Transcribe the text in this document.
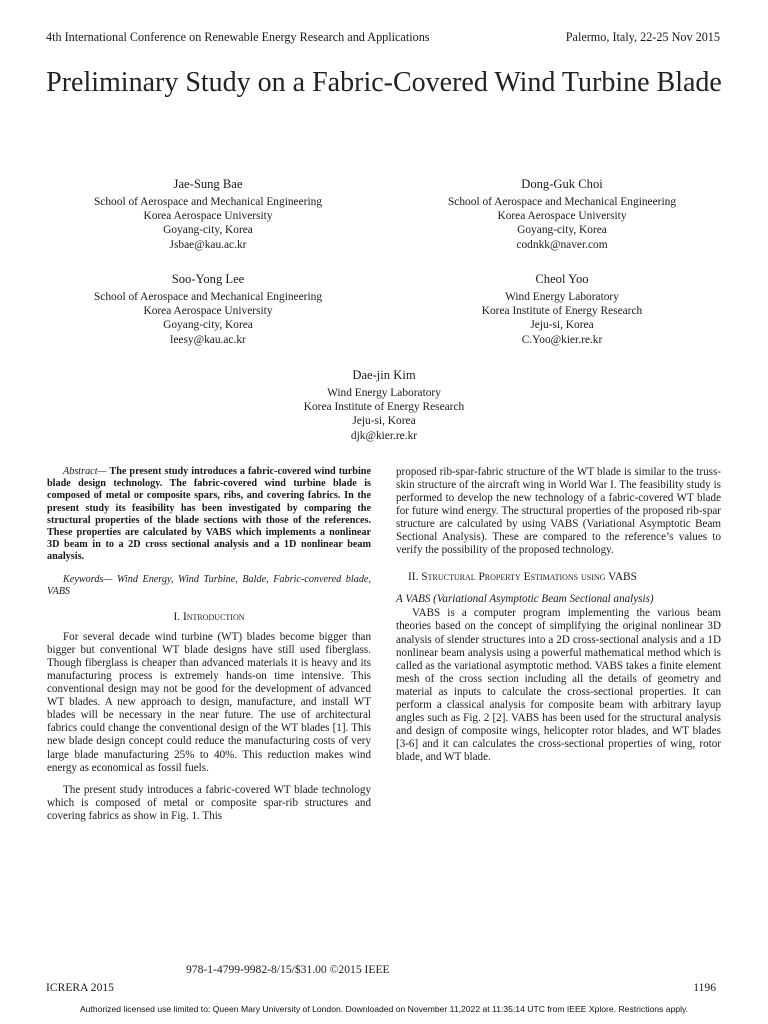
4th International Conference on Renewable Energy Research and Applications	Palermo, Italy, 22-25 Nov 2015
Preliminary Study on a Fabric-Covered Wind Turbine Blade
Jae-Sung Bae
School of Aerospace and Mechanical Engineering
Korea Aerospace University
Goyang-city, Korea
Jsbae@kau.ac.kr
Dong-Guk Choi
School of Aerospace and Mechanical Engineering
Korea Aerospace University
Goyang-city, Korea
codnkk@naver.com
Soo-Yong Lee
School of Aerospace and Mechanical Engineering
Korea Aerospace University
Goyang-city, Korea
leesy@kau.ac.kr
Cheol Yoo
Wind Energy Laboratory
Korea Institute of Energy Research
Jeju-si, Korea
C.Yoo@kier.re.kr
Dae-jin Kim
Wind Energy Laboratory
Korea Institute of Energy Research
Jeju-si, Korea
djk@kier.re.kr

Abstract— The present study introduces a fabric-covered wind turbine blade design technology. The fabric-covered wind turbine blade is composed of metal or composite spars, ribs, and covering fabrics. In the present study its feasibility has been investigated by comparing the structural properties of the blade sections with those of the references. These properties are calculated by VABS which implements a nonlinear 3D beam in to a 2D cross sectional analysis and a 1D nonlinear beam analysis.

Keywords— Wind Energy, Wind Turbine, Balde, Fabric-convered blade, VABS

I. Introduction

For several decade wind turbine (WT) blades become bigger than bigger but conventional WT blade designs have still used fiberglass. Though fiberglass is cheaper than advanced materials it is heavy and its manufacturing process is extremely hands-on time intensive. This conventional design may not be good for the development of advanced WT blades. A new approach to design, manufacture, and install WT blades will be necessary in the near future. The use of architectural fabrics could change the conventional design of the WT blades [1]. This new blade design concept could reduce the manufacturing costs of very large blade manufacturing 25% to 40%. This reduction makes wind energy as economical as fossil fuels.

The present study introduces a fabric-covered WT blade technology which is composed of metal or composite spar-rib structures and covering fabrics as show in Fig. 1. This

proposed rib-spar-fabric structure of the WT blade is similar to the truss-skin structure of the aircraft wing in World War I. The feasibility study is performed to develop the new technology of a fabric-covered WT blade for future wind energy. The structural properties of the proposed rib-spar structure are calculated by using VABS (Variational Asymptotic Beam Sectional Analysis). These are compared to the reference’s values to verify the possibility of the proposed technology.

II. Structural Property Estimations using VABS

A VABS (Variational Asymptotic Beam Sectional analysis)

VABS is a computer program implementing the various beam theories based on the concept of simplifying the original nonlinear 3D analysis of slender structures into a 2D cross-sectional analysis and a 1D nonlinear beam analysis using a powerful mathematical method which is called as the variational asymptotic method. VABS takes a finite element mesh of the cross section including all the details of geometry and material as inputs to calculate the cross-sectional properties. It can perform a classical analysis for composite beam with arbitrary layup angles such as Fig. 2 [2]. VABS has been used for the structural analysis and design of composite wings, helicopter rotor blades, and WT blades [3-6] and it can calculates the cross-sectional properties of wing, rotor blade, and WT blade.

978-1-4799-9982-8/15/$31.00 ©2015 IEEE
ICRERA 2015	1196
Authorized licensed use limited to: Queen Mary University of London. Downloaded on November 11,2022 at 11:35:14 UTC from IEEE Xplore. Restrictions apply.
